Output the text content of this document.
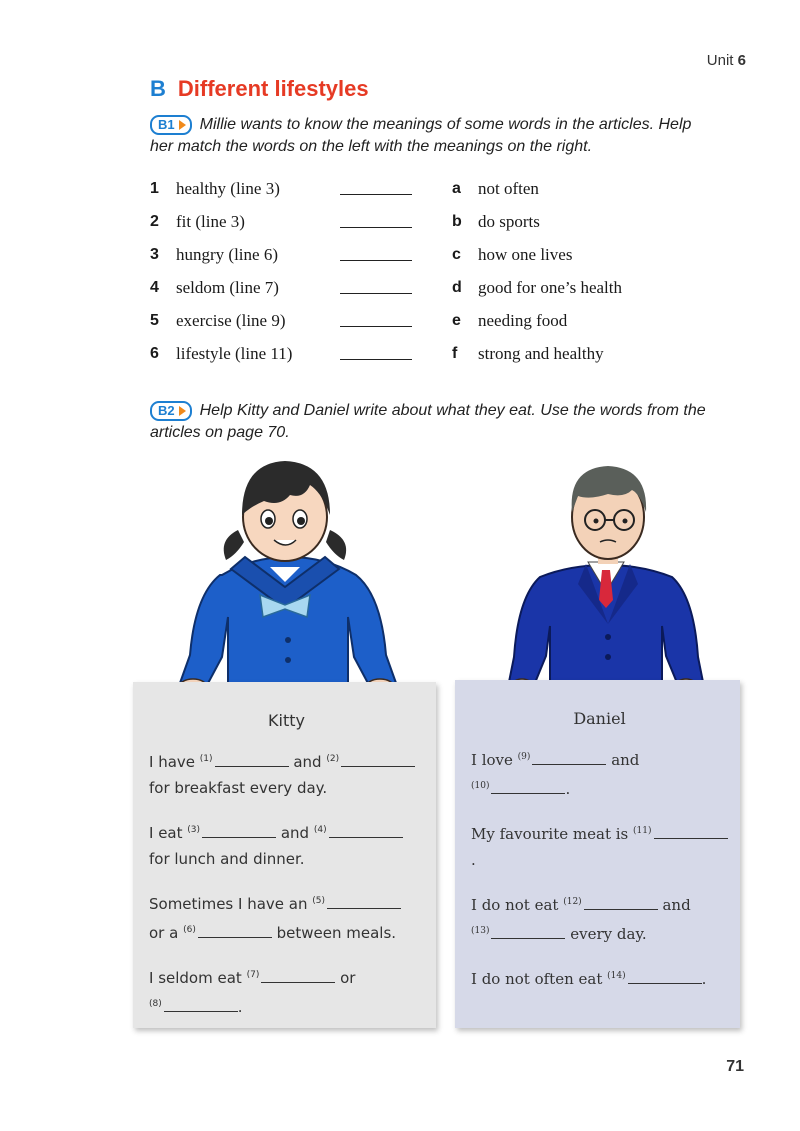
Unit 6
B Different lifestyles
B1 Millie wants to know the meanings of some words in the articles. Help her match the words on the left with the meanings on the right.
1	healthy (line 3)	a	not often
2	fit (line 3)	b do sports
3	hungry (line 6)	c	how one lives
4	seldom (line 7)	d good for one’s health
5	exercise (line 9)	e	needing food
6	lifestyle (line 11)	f	strong and healthy
B2 Help Kitty and Daniel write about what they eat. Use the words from the articles on page 70.
Kitty
I have $^{(1)}$	and $^{(2)}$
for breakfast every day.
I eat $^{(3)}$	and $^{(4)}$
for lunch and dinner.
Sometimes I have an $^{(5)}$
or a $^{(6)}$	between meals.
I seldom eat $^{(7)}$	or
$^{(8)}$	.
Daniel
I love $^{(9)}$	and
$^{(10)}$	.
My favourite meat is $^{(11)}$.
I do not eat $^{(12)}$	and
$^{(13)}$	every day.
I do not often eat $^{(14)}$	.
71
